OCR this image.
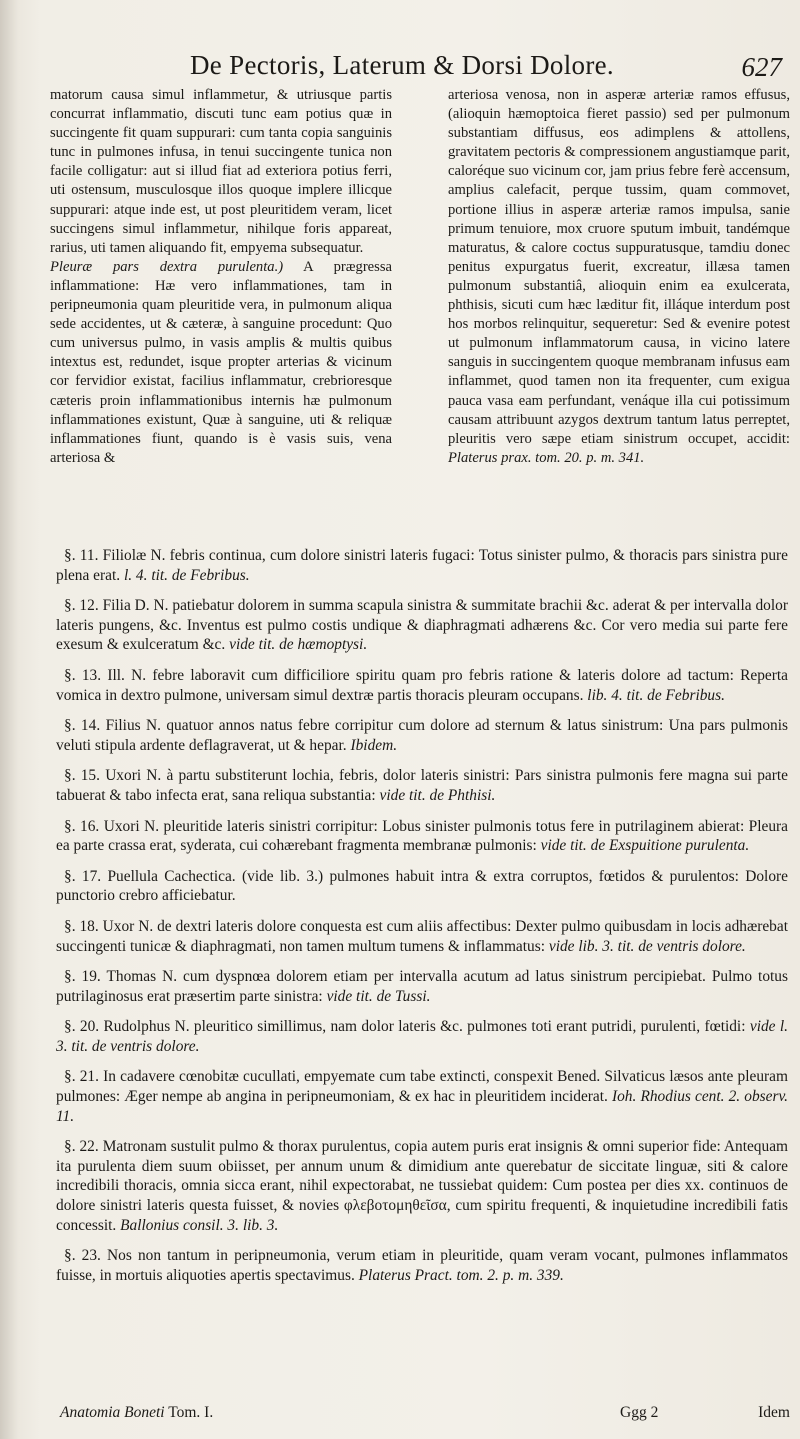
De Pectoris, Laterum & Dorsi Dolore.	627

matorum causa simul inflammetur, & utriusque partis concurrat inflammatio, discuti tunc eam potius quæ in succingente fit quam suppurari: cum tanta copia sanguinis tunc in pulmones infusa, in tenui succingente tunica non facile colligatur: aut si illud fiat ad exteriora potius ferri, uti ostensum, musculosque illos quoque implere illicque suppurari: atque inde est, ut post pleuritidem veram, licet succingens simul inflammetur, nihilque foris appareat, rarius, uti tamen aliquando fit, empyema subsequatur.

Pleuræ pars dextra purulenta.) A prægressa inflammatione: Hæ vero inflammationes, tam in peripneumonia quam pleuritide vera, in pulmonum aliqua sede accidentes, ut & cæteræ, à sanguine procedunt: Quo cum universus pulmo, in vasis amplis & multis quibus intextus est, redundet, isque propter arterias & vicinum cor fervidior existat, facilius inflammatur, crebrioresque cæteris proin inflammationibus internis hæ pulmonum inflammationes existunt, Quæ à sanguine, uti & reliquæ inflammationes fiunt, quando is è vasis suis, vena arteriosa &

arteriosa venosa, non in asperæ arteriæ ramos effusus, (alioquin hæmoptoica fieret passio) sed per pulmonum substantiam diffusus, eos adimplens & attollens, gravitatem pectoris & compressionem angustiamque parit, caloréque suo vicinum cor, jam prius febre ferè accensum, amplius calefacit, perque tussim, quam commovet, portione illius in asperæ arteriæ ramos impulsa, sanie primum tenuiore, mox cruore sputum imbuit, tandémque maturatus, & calore coctus suppuratusque, tamdiu donec penitus expurgatus fuerit, excreatur, illæsa tamen pulmonum substantiâ, alioquin enim ea exulcerata, phthisis, sicuti cum hæc læditur fit, illáque interdum post hos morbos relinquitur, sequeretur: Sed & evenire potest ut pulmonum inflammatorum causa, in vicino latere sanguis in succingentem quoque membranam infusus eam inflammet, quod tamen non ita frequenter, cum exigua pauca vasa eam perfundant, venáque illa cui potissimum causam attribuunt azygos dextrum tantum latus perreptet, pleuritis vero sæpe etiam sinistrum occupet, accidit: Platerus prax. tom. 20. p. m. 341.

§. 11. Filiolæ N. febris continua, cum dolore sinistri lateris fugaci: Totus sinister pulmo, & thoracis pars sinistra pure plena erat. l. 4. tit. de Febribus.

§. 12. Filia D. N. patiebatur dolorem in summa scapula sinistra & summitate brachii &c. aderat & per intervalla dolor lateris pungens, &c. Inventus est pulmo costis undique & diaphragmati adhærens &c. Cor vero media sui parte fere exesum & exulceratum &c. vide tit. de hæmoptysi.

§. 13. Ill. N. febre laboravit cum difficiliore spiritu quam pro febris ratione & lateris dolore ad tactum: Reperta vomica in dextro pulmone, universam simul dextræ partis thoracis pleuram occupans. lib. 4. tit. de Febribus.

§. 14. Filius N. quatuor annos natus febre corripitur cum dolore ad sternum & latus sinistrum: Una pars pulmonis veluti stipula ardente deflagraverat, ut & hepar. Ibidem.

§. 15. Uxori N. à partu substiterunt lochia, febris, dolor lateris sinistri: Pars sinistra pulmonis fere magna sui parte tabuerat & tabo infecta erat, sana reliqua substantia: vide tit. de Phthisi.

§. 16. Uxori N. pleuritide lateris sinistri corripitur: Lobus sinister pulmonis totus fere in putrilaginem abierat: Pleura ea parte crassa erat, syderata, cui cohærebant fragmenta membranæ pulmonis: vide tit. de Exspuitione purulenta.

§. 17. Puellula Cachectica. (vide lib. 3.) pulmones habuit intra & extra corruptos, fœtidos & purulentos: Dolore punctorio crebro afficiebatur.

§. 18. Uxor N. de dextri lateris dolore conquesta est cum aliis affectibus: Dexter pulmo quibusdam in locis adhærebat succingenti tunicæ & diaphragmati, non tamen multum tumens & inflammatus: vide lib. 3. tit. de ventris dolore.

§. 19. Thomas N. cum dyspnœa dolorem etiam per intervalla acutum ad latus sinistrum percipiebat. Pulmo totus putrilaginosus erat præsertim parte sinistra: vide tit. de Tussi.

§. 20. Rudolphus N. pleuritico simillimus, nam dolor lateris &c. pulmones toti erant putridi, purulenti, fœtidi: vide l. 3. tit. de ventris dolore.

§. 21. In cadavere cœnobitæ cucullati, empyemate cum tabe extincti, conspexit Bened. Silvaticus læsos ante pleuram pulmones: Æger nempe ab angina in peripneumoniam, & ex hac in pleuritidem inciderat. Ioh. Rhodius cent. 2. observ. 11.

§. 22. Matronam sustulit pulmo & thorax purulentus, copia autem puris erat insignis & omni superior fide: Antequam ita purulenta diem suum obiisset, per annum unum & dimidium ante querebatur de siccitate linguæ, siti & calore incredibili thoracis, omnia sicca erant, nihil expectorabat, ne tussiebat quidem: Cum postea per dies xx. continuos de dolore sinistri lateris questa fuisset, & novies φλεβοτομηθεῖσα, cum spiritu frequenti, & inquietudine incredibili fatis concessit. Ballonius consil. 3. lib. 3.

§. 23. Nos non tantum in peripneumonia, verum etiam in pleuritide, quam veram vocant, pulmones inflammatos fuisse, in mortuis aliquoties apertis spectavimus. Platerus Pract. tom. 2. p. m. 339.

Anatomia Boneti Tom. I.	Ggg 2	Idem
